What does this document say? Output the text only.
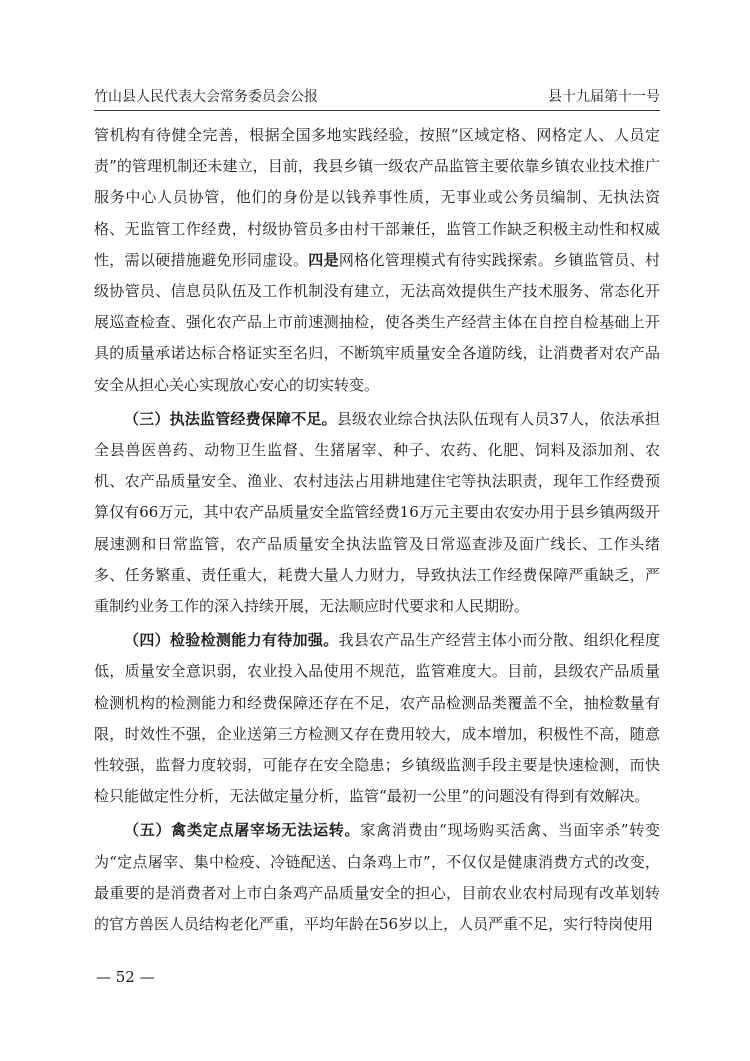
竹山县人民代表大会常务委员会公报	县十九届第十一号

管机构有待健全完善，根据全国多地实践经验，按照“区域定格、网格定人、人员定责”的管理机制还未建立，目前，我县乡镇一级农产品监管主要依靠乡镇农业技术推广服务中心人员协管，他们的身份是以钱养事性质，无事业或公务员编制、无执法资格、无监管工作经费，村级协管员多由村干部兼任，监管工作缺乏积极主动性和权威性，需以硬措施避免形同虚设。四是网格化管理模式有待实践探索。乡镇监管员、村级协管员、信息员队伍及工作机制没有建立，无法高效提供生产技术服务、常态化开展巡查检查、强化农产品上市前速测抽检，使各类生产经营主体在自控自检基础上开具的质量承诺达标合格证实至名归，不断筑牢质量安全各道防线，让消费者对农产品安全从担心关心实现放心安心的切实转变。

（三）执法监管经费保障不足。县级农业综合执法队伍现有人员37人，依法承担全县兽医兽药、动物卫生监督、生猪屠宰、种子、农药、化肥、饲料及添加剂、农机、农产品质量安全、渔业、农村违法占用耕地建住宅等执法职责，现年工作经费预算仅有66万元，其中农产品质量安全监管经费16万元主要由农安办用于县乡镇两级开展速测和日常监管，农产品质量安全执法监管及日常巡查涉及面广线长、工作头绪多、任务繁重、责任重大，耗费大量人力财力，导致执法工作经费保障严重缺乏，严重制约业务工作的深入持续开展，无法顺应时代要求和人民期盼。

（四）检验检测能力有待加强。我县农产品生产经营主体小而分散、组织化程度低，质量安全意识弱，农业投入品使用不规范，监管难度大。目前，县级农产品质量检测机构的检测能力和经费保障还存在不足，农产品检测品类覆盖不全，抽检数量有限，时效性不强，企业送第三方检测又存在费用较大，成本增加，积极性不高，随意性较强，监督力度较弱，可能存在安全隐患；乡镇级监测手段主要是快速检测，而快检只能做定性分析，无法做定量分析，监管“最初一公里”的问题没有得到有效解决。

（五）禽类定点屠宰场无法运转。家禽消费由“现场购买活禽、当面宰杀”转变为“定点屠宰、集中检疫、冷链配送、白条鸡上市”，不仅仅是健康消费方式的改变，最重要的是消费者对上市白条鸡产品质量安全的担心，目前农业农村局现有改革划转的官方兽医人员结构老化严重，平均年龄在56岁以上，人员严重不足，实行特岗使用

— 52 —
